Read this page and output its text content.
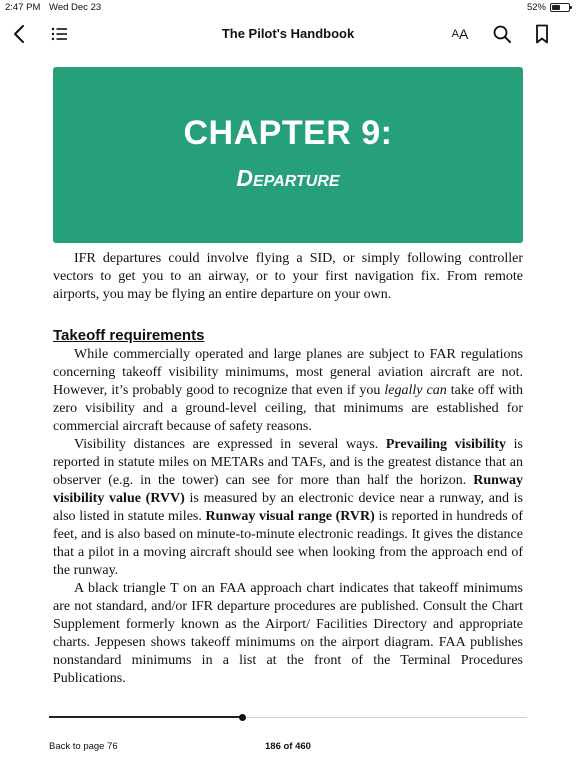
2:47 PM Wed Dec 23	52%
The Pilot's Handbook	A A
CHAPTER 9:
Departure

IFR departures could involve flying a SID, or simply following controller vectors to get you to an airway, or to your first navigation fix. From remote airports, you may be flying an entire departure on your own.

Takeoff requirements

While commercially operated and large planes are subject to FAR regulations concerning takeoff visibility minimums, most general aviation aircraft are not. However, it’s probably good to recognize that even if you legally can take off with zero visibility and a ground-level ceiling, that minimums are established for commercial aircraft because of safety reasons.

Visibility distances are expressed in several ways. Prevailing visibility is reported in statute miles on METARs and TAFs, and is the greatest distance that an observer (e.g. in the tower) can see for more than half the horizon. Runway visibility value (RVV) is measured by an electronic device near a runway, and is also listed in statute miles. Runway visual range (RVR) is reported in hundreds of feet, and is also based on minute-to-minute electronic readings. It gives the distance that a pilot in a moving aircraft should see when looking from the approach end of the runway.

A black triangle T on an FAA approach chart indicates that takeoff minimums are not standard, and/or IFR departure procedures are published. Consult the Chart Supplement formerly known as the Airport/ Facilities Directory and appropriate charts. Jeppesen shows takeoff minimums on the airport diagram. FAA publishes nonstandard minimums in a list at the front of the Terminal Procedures Publications.

Back to page 76	186 of 460
